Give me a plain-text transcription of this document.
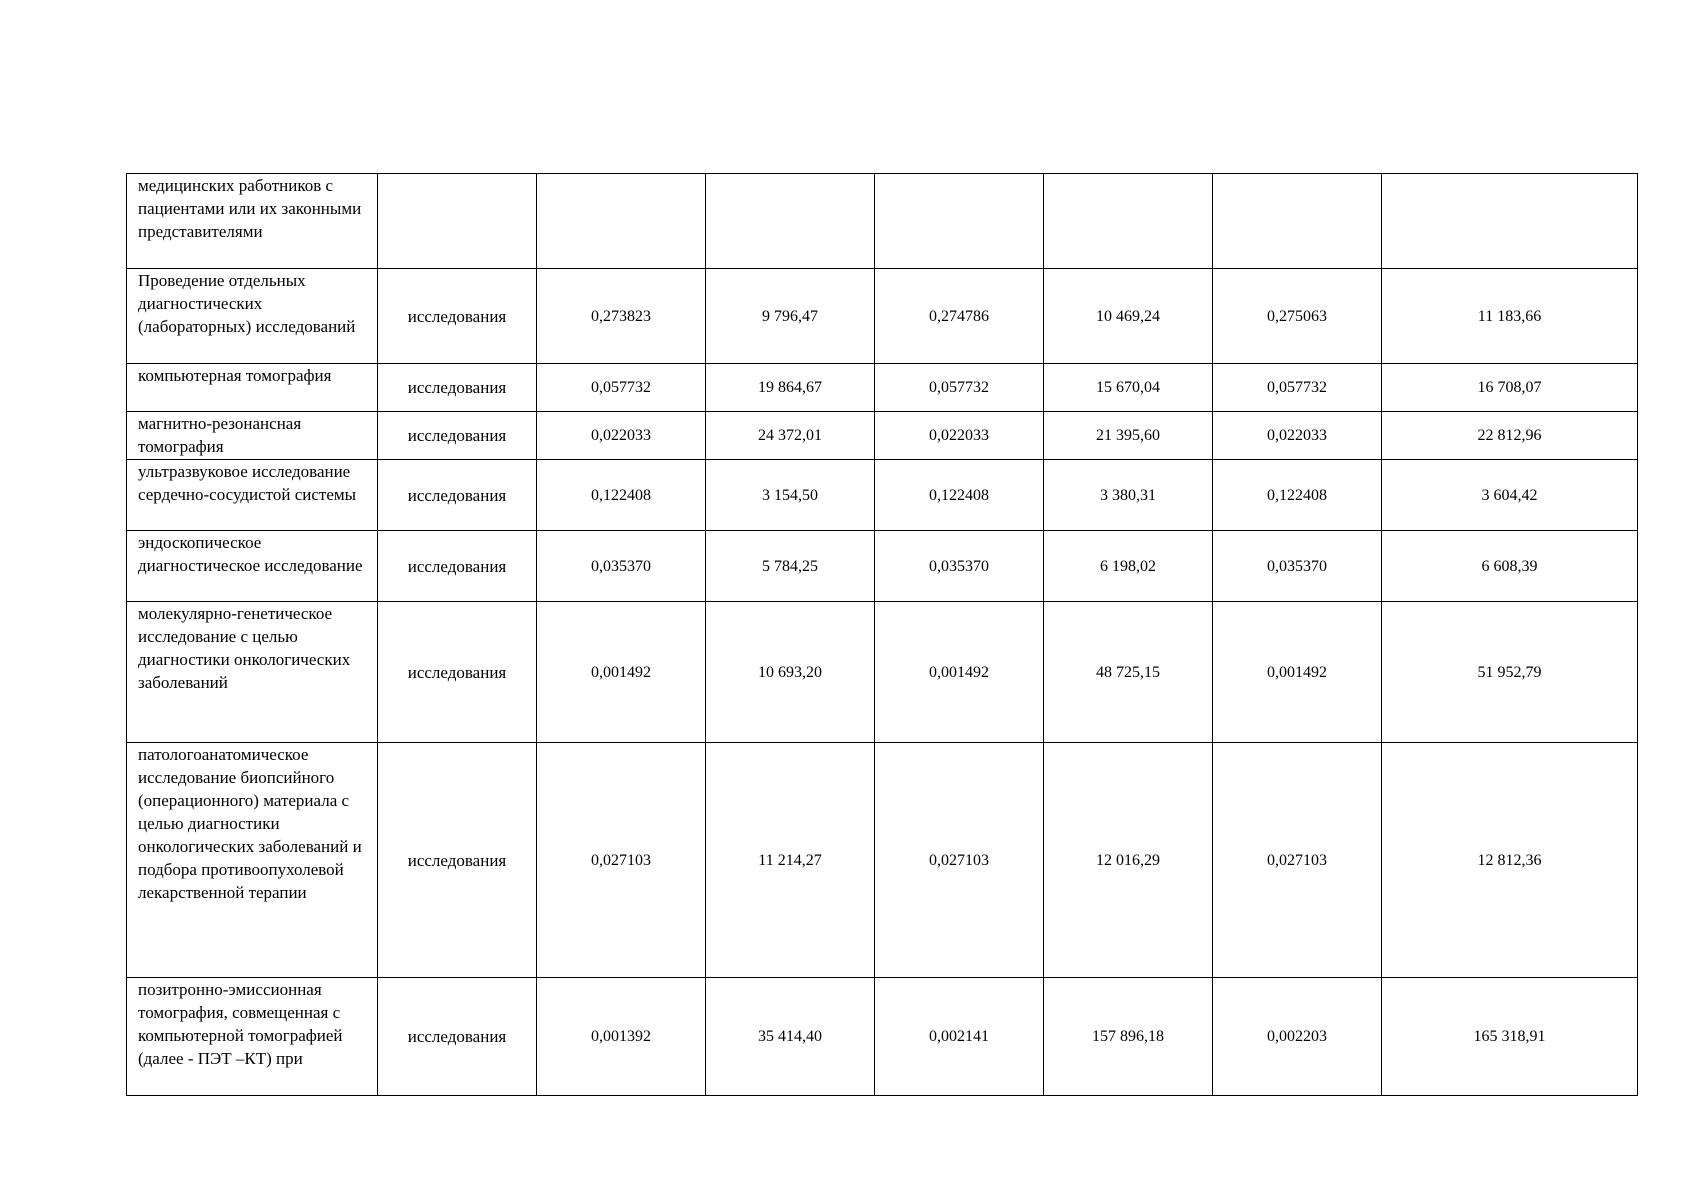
медицинских работников с пациентами или их законными представителями							
Проведение отдельных диагностических (лабораторных) исследований	исследования	0,273823	9 796,47	0,274786	10 469,24	0,275063	11 183,66
компьютерная томография	исследования	0,057732	19 864,67	0,057732	15 670,04	0,057732	16 708,07
магнитно-резонансная томография	исследования	0,022033	24 372,01	0,022033	21 395,60	0,022033	22 812,96
ультразвуковое исследование сердечно-сосудистой системы	исследования	0,122408	3 154,50	0,122408	3 380,31	0,122408	3 604,42
эндоскопическое диагностическое исследование	исследования	0,035370	5 784,25	0,035370	6 198,02	0,035370	6 608,39
молекулярно-генетическое исследование с целью диагностики онкологических заболеваний	исследования	0,001492	10 693,20	0,001492	48 725,15	0,001492	51 952,79
патологоанатомическое исследование биопсийного (операционного) материала с целью диагностики онкологических заболеваний и подбора противоопухолевой лекарственной терапии	исследования	0,027103	11 214,27	0,027103	12 016,29	0,027103	12 812,36
позитронно-эмиссионная томография, совмещенная с компьютерной томографией (далее - ПЭТ –КТ) при	исследования	0,001392	35 414,40	0,002141	157 896,18	0,002203	165 318,91
